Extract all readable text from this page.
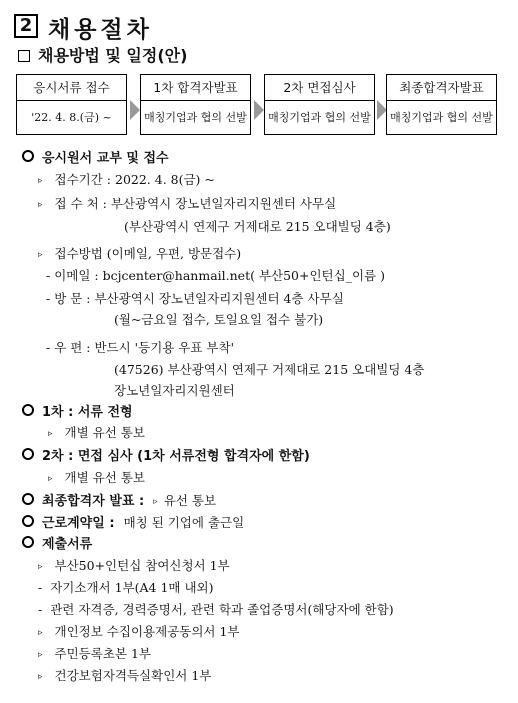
2 채용절차
채용방법 및 일정(안)
응시서류 접수
'22. 4. 8.(금) ~
1차 합격자발표
매칭기업과 협의 선발
2차 면접심사
매칭기업과 협의 선발
최종합격자발표
매칭기업과 협의 선발
응시원서 교부 및 접수
▹ 접수기간 : 2022. 4. 8(금) ~
▹ 접 수 처 : 부산광역시 장노년일자리지원센터 사무실
(부산광역시 연제구 거제대로 215 오대빌딩 4층)
▹ 접수방법 (이메일, 우편, 방문접수)
- 이메일 : bcjcenter@hanmail.net( 부산50+인턴십_이름 )
- 방 문 : 부산광역시 장노년일자리지원센터 4층 사무실
(월~금요일 접수, 토일요일 접수 불가)
- 우 편 : 반드시 '등기용 우표 부착'
(47526) 부산광역시 연제구 거제대로 215 오대빌딩 4층
장노년일자리지원센터
1차 : 서류 전형
▹ 개별 유선 통보
2차 : 면접 심사 (1차 서류전형 합격자에 한함)
▹ 개별 유선 통보
최종합격자 발표 : ▹ 유선 통보
근로계약일 : 매칭 된 기업에 출근일
제출서류
▹ 부산50+인턴십 참여신청서 1부
- 자기소개서 1부(A4 1매 내외)
- 관련 자격증, 경력증명서, 관련 학과 졸업증명서(해당자에 한함)
▹ 개인정보 수집이용제공동의서 1부
▹ 주민등록초본 1부
▹ 건강보험자격득실확인서 1부
